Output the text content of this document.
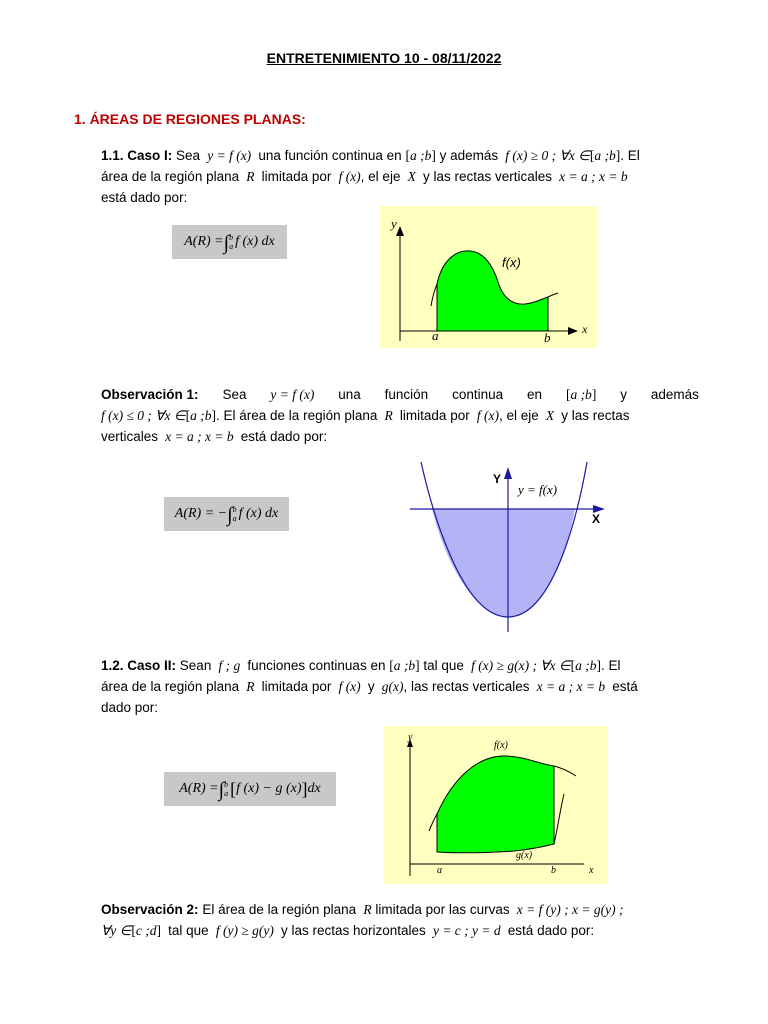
ENTRETENIMIENTO 10 - 08/11/2022
1. ÁREAS DE REGIONES PLANAS:
1.1. Caso I: Sea  y = f (x)  una función continua en [a ;b] y además  f (x) ≥ 0 ; ∀x ∈[a ;b]. El
área de la región plana  R  limitada por  f (x), el eje  X  y las rectas verticales  x = a ; x = b
está dado por:
A(R) = ∫ b
a f (x) dx
y
x
f(x)
a	b
Observación 1: Sea y = f (x) una función continua en [a ;b] y además
f (x) ≤ 0 ; ∀x ∈[a ;b]. El área de la región plana  R  limitada por  f (x), el eje  X  y las rectas
verticales  x = a ; x = b  está dado por:
A(R) = − ∫ b
a f (x) dx
Y
X
y = f(x)
1.2. Caso II: Sean  f ; g  funciones continuas en [a ;b] tal que  f (x) ≥ g(x) ; ∀x ∈[a ;b]. El
área de la región plana  R  limitada por  f (x)  y  g(x), las rectas verticales  x = a ; x = b  está
dado por:
A(R) = ∫ b
a [ f (x) − g (x) ] dx
y
x
f(x)
g(x)
a	b
Observación 2: El área de la región plana  R limitada por las curvas  x = f (y) ; x = g(y) ;
∀y ∈[c ;d] tal que  f (y) ≥ g(y)  y las rectas horizontales  y = c ; y = d  está dado por:
